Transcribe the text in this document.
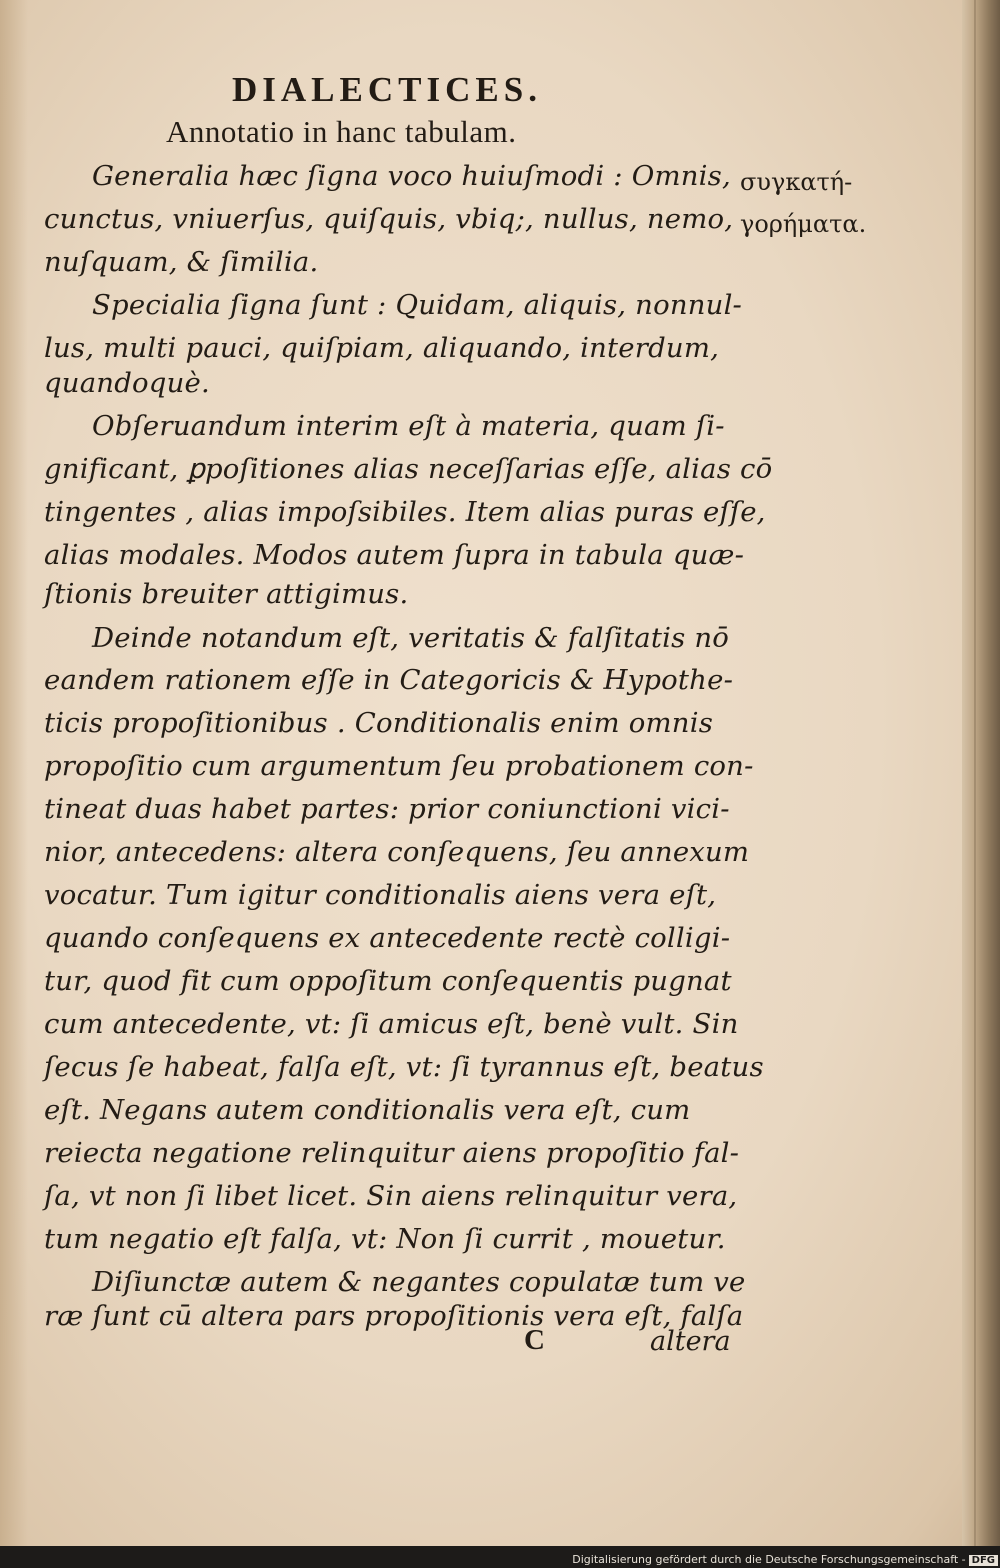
DIALECTICES.
Annotatio in hanc tabulam.
Generalia hæc ſigna voco huiuſmodi : Omnis,
cunctus, vniuerſus, quiſquis, vbiq;, nullus, nemo,
nuſquam, & ſimilia.
Specialia ſigna ſunt : Quidam, aliquis, nonnul-
lus, multi pauci, quiſpiam, aliquando, interdum,
quandoquè.
Obſeruandum interim eſt à materia, quam ſi-
gnificant, ꝑpoſitiones alias neceſſarias eſſe, alias cō
tingentes , alias impoſsibiles. Item alias puras eſſe,
alias modales. Modos autem ſupra in tabula quæ-
ſtionis breuiter attigimus.
Deinde notandum eſt, veritatis & falſitatis nō
eandem rationem eſſe in Categoricis & Hypothe-
ticis propoſitionibus . Conditionalis enim omnis
propoſitio cum argumentum ſeu probationem con-
tineat duas habet partes: prior coniunctioni vici-
nior, antecedens: altera conſequens, ſeu annexum
vocatur. Tum igitur conditionalis aiens vera eſt,
quando conſequens ex antecedente rectè colligi-
tur, quod fit cum oppoſitum conſequentis pugnat
cum antecedente, vt: ſi amicus eſt, benè vult. Sin
ſecus ſe habeat, falſa eſt, vt: ſi tyrannus eſt, beatus
eſt. Negans autem conditionalis vera eſt, cum
reiecta negatione relinquitur aiens propoſitio fal-
ſa, vt non ſi libet licet. Sin aiens relinquitur vera,
tum negatio eſt falſa, vt: Non ſi currit , mouetur.
Diſiunctæ autem & negantes copulatæ tum ve
ræ ſunt cū altera pars propoſitionis vera eſt, falſa
συγκατή-
γορήματα.
C	altera
Digitalisierung gefördert durch die Deutsche Forschungsgemeinschaft - DFG
